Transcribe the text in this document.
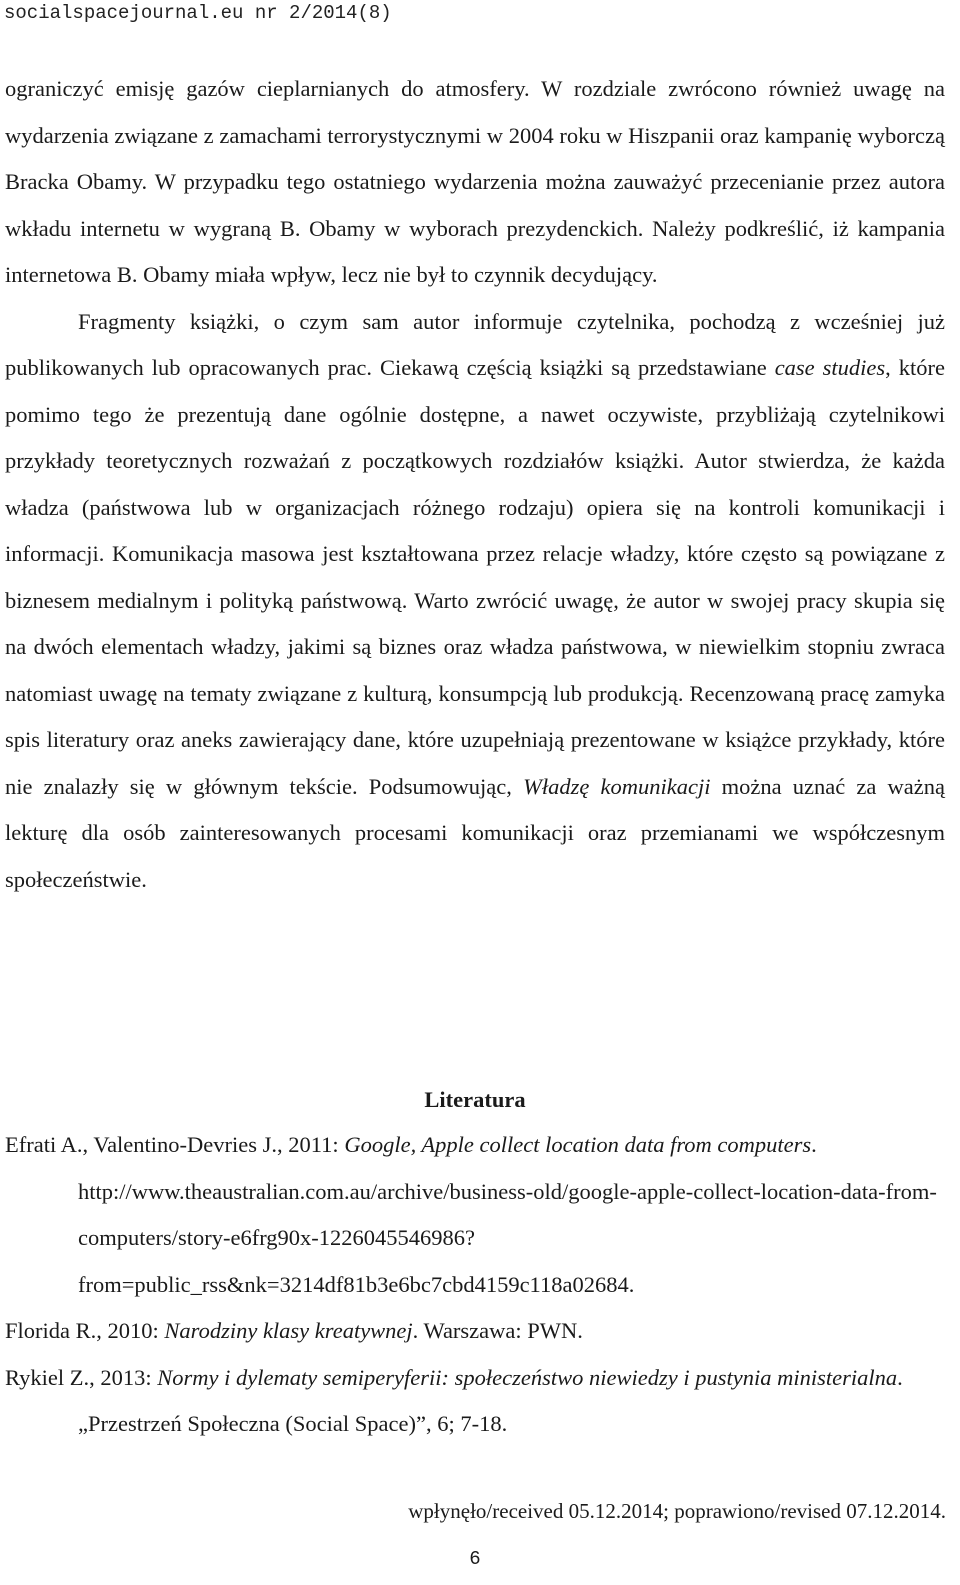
socialspacejournal.eu nr 2/2014(8)

ograniczyć emisję gazów cieplarnianych do atmosfery. W rozdziale zwrócono również uwagę na wydarzenia związane z zamachami terrorystycznymi w 2004 roku w Hiszpanii oraz kampanię wyborczą Bracka Obamy. W przypadku tego ostatniego wydarzenia można zauważyć przecenianie przez autora wkładu internetu w wygraną B. Obamy w wyborach prezydenckich. Należy podkreślić, iż kampania internetowa B. Obamy miała wpływ, lecz nie był to czynnik decydujący.

Fragmenty książki, o czym sam autor informuje czytelnika, pochodzą z wcześniej już publikowanych lub opracowanych prac. Ciekawą częścią książki są przedstawiane case studies, które pomimo tego że prezentują dane ogólnie dostępne, a nawet oczywiste, przybliżają czytelnikowi przykłady teoretycznych rozważań z początkowych rozdziałów książki. Autor stwierdza, że każda władza (państwowa lub w organizacjach różnego rodzaju) opiera się na kontroli komunikacji i informacji. Komunikacja masowa jest kształtowana przez relacje władzy, które często są powiązane z biznesem medialnym i polityką państwową. Warto zwrócić uwagę, że autor w swojej pracy skupia się na dwóch elementach władzy, jakimi są biznes oraz władza państwowa, w niewielkim stopniu zwraca natomiast uwagę na tematy związane z kulturą, konsumpcją lub produkcją. Recenzowaną pracę zamyka spis literatury oraz aneks zawierający dane, które uzupełniają prezentowane w książce przykłady, które nie znalazły się w głównym tekście. Podsumowując, Władzę komunikacji można uznać za ważną lekturę dla osób zainteresowanych procesami komunikacji oraz przemianami we współczesnym społeczeństwie.

Literatura

Efrati A., Valentino-Devries J., 2011: Google, Apple collect location data from computers. http://www.theaustralian.com.au/archive/business-old/google-apple-collect-location-data-from-computers/story-e6frg90x-1226045546986?from=public_rss&nk=3214df81b3e6bc7cbd4159c118a02684.

Florida R., 2010: Narodziny klasy kreatywnej. Warszawa: PWN.

Rykiel Z., 2013: Normy i dylematy semiperyferii: społeczeństwo niewiedzy i pustynia ministerialna. „Przestrzeń Społeczna (Social Space)”, 6; 7-18.

wpłynęło/received 05.12.2014; poprawiono/revised 07.12.2014.
6
